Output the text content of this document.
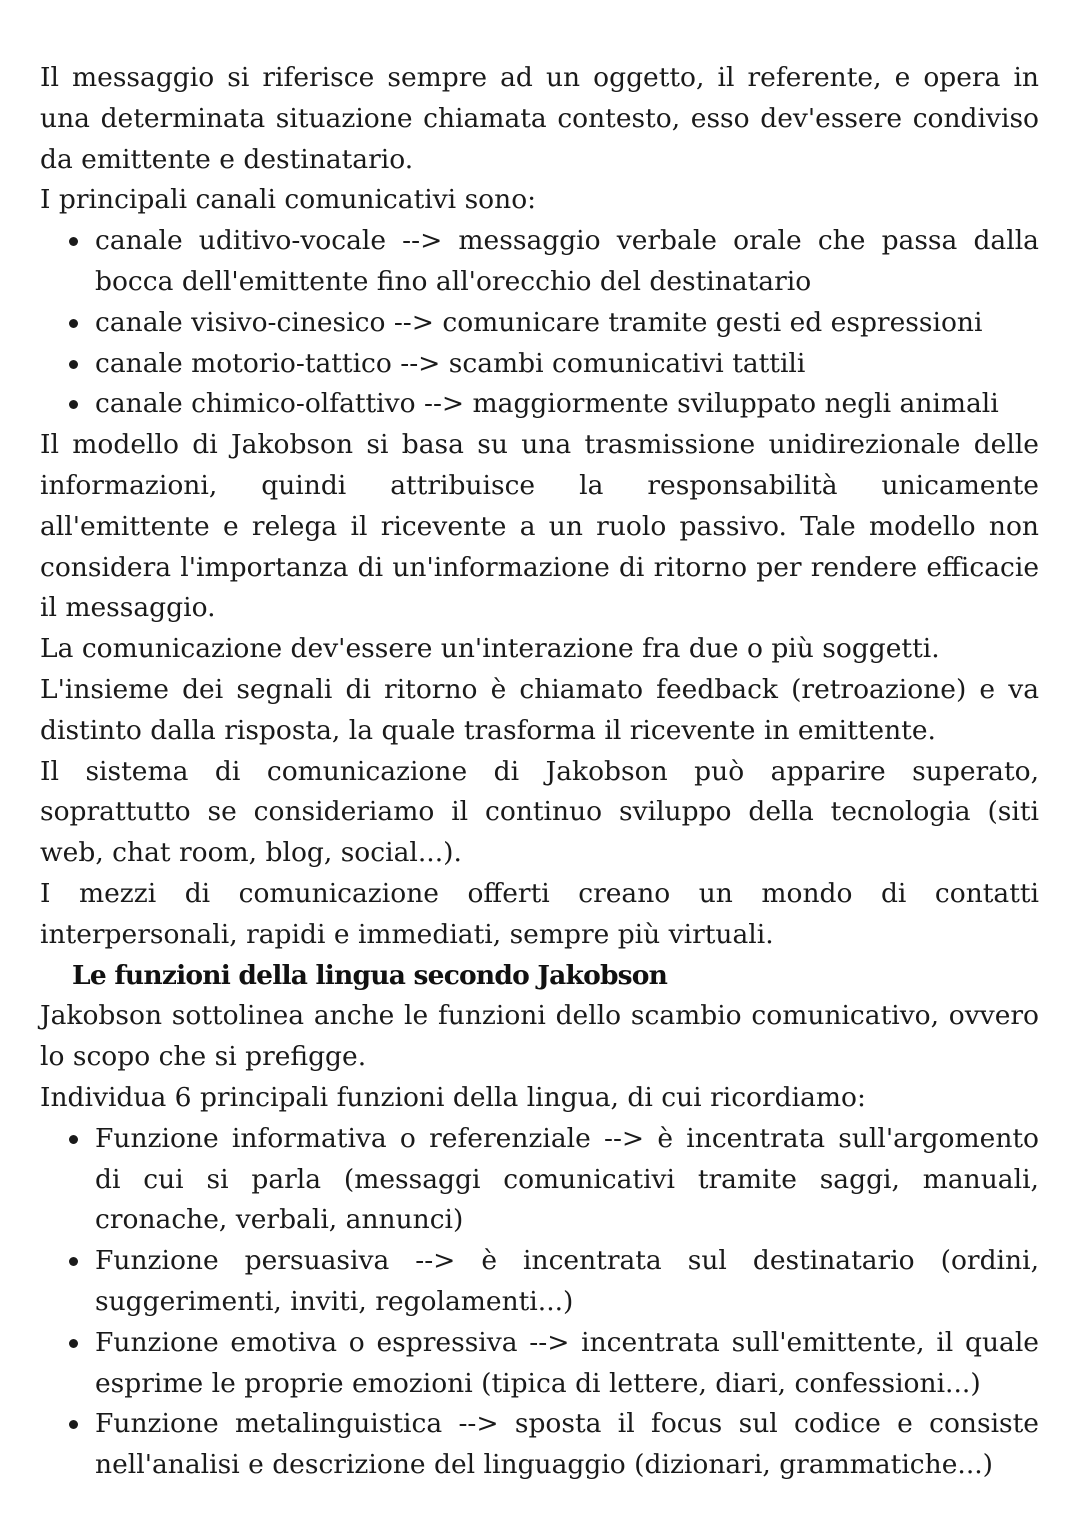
Il messaggio si riferisce sempre ad un oggetto, il referente, e opera in una determinata situazione chiamata contesto, esso dev'essere condiviso da emittente e destinatario.

I principali canali comunicativi sono:

canale uditivo-vocale --> messaggio verbale orale che passa dalla bocca dell'emittente fino all'orecchio del destinatario
canale visivo-cinesico --> comunicare tramite gesti ed espressioni
canale motorio-tattico --> scambi comunicativi tattili
canale chimico-olfattivo --> maggiormente sviluppato negli animali

Il modello di Jakobson si basa su una trasmissione unidirezionale delle informazioni, quindi attribuisce la responsabilità unicamente all'emittente e relega il ricevente a un ruolo passivo. Tale modello non considera l'importanza di un'informazione di ritorno per rendere efficacie il messaggio.

La comunicazione dev'essere un'interazione fra due o più soggetti.

L'insieme dei segnali di ritorno è chiamato feedback (retroazione) e va distinto dalla risposta, la quale trasforma il ricevente in emittente.

Il sistema di comunicazione di Jakobson può apparire superato, soprattutto se consideriamo il continuo sviluppo della tecnologia (siti web, chat room, blog, social...).

I mezzi di comunicazione offerti creano un mondo di contatti interpersonali, rapidi e immediati, sempre più virtuali.

Le funzioni della lingua secondo Jakobson

Jakobson sottolinea anche le funzioni dello scambio comunicativo, ovvero lo scopo che si prefigge.

Individua 6 principali funzioni della lingua, di cui ricordiamo:

Funzione informativa o referenziale --> è incentrata sull'argomento di cui si parla (messaggi comunicativi tramite saggi, manuali, cronache, verbali, annunci)
Funzione persuasiva --> è incentrata sul destinatario (ordini, suggerimenti, inviti, regolamenti...)
Funzione emotiva o espressiva --> incentrata sull'emittente, il quale esprime le proprie emozioni (tipica di lettere, diari, confessioni...)
Funzione metalinguistica --> sposta il focus sul codice e consiste nell'analisi e descrizione del linguaggio (dizionari, grammatiche...)
